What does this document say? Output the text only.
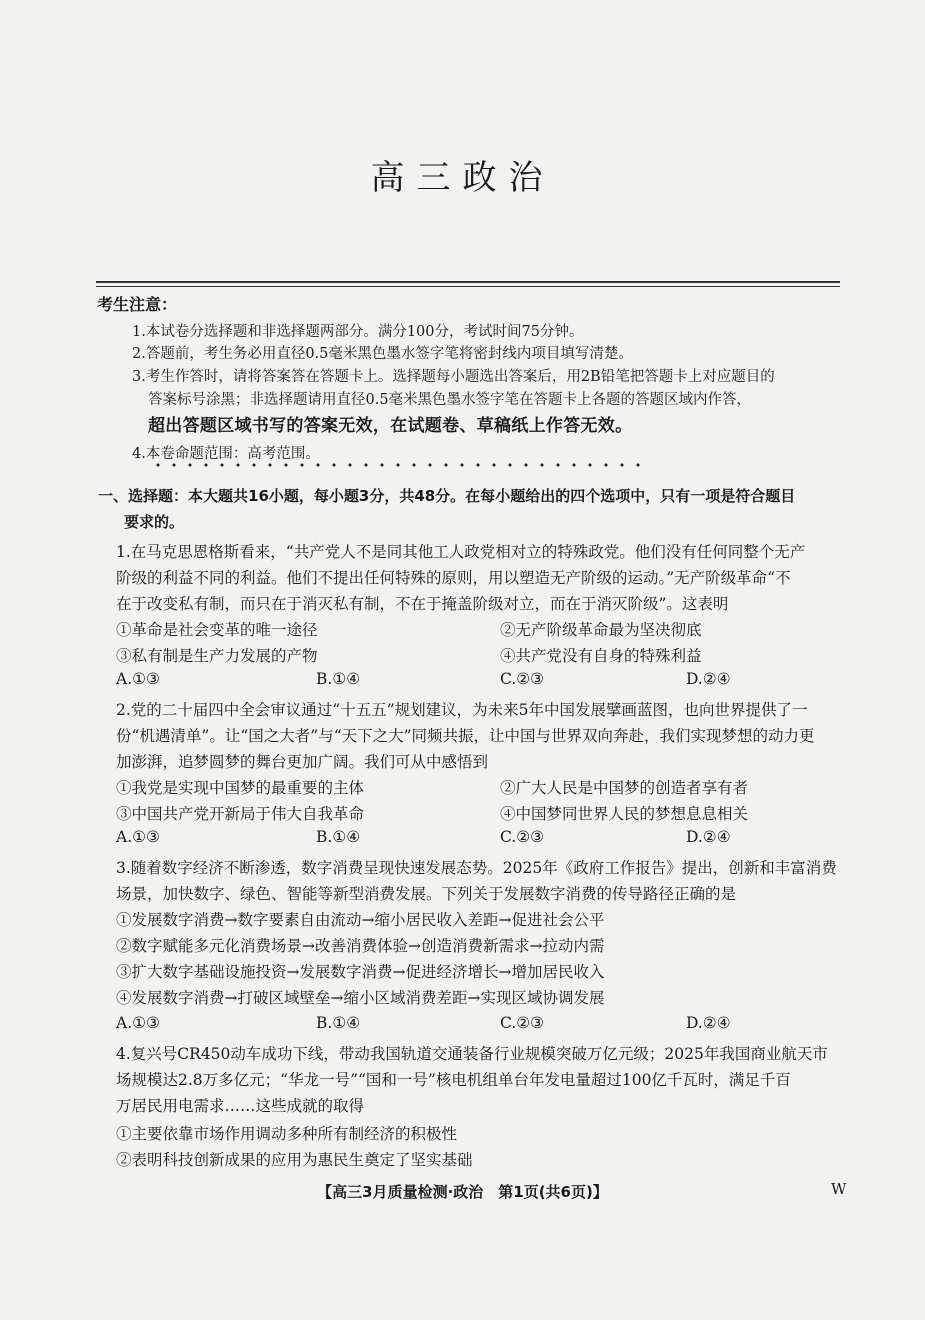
高三政治
考生注意：
1.本试卷分选择题和非选择题两部分。满分100分，考试时间75分钟。
2.答题前，考生务必用直径0.5毫米黑色墨水签字笔将密封线内项目填写清楚。
3.考生作答时，请将答案答在答题卡上。选择题每小题选出答案后，用2B铅笔把答题卡上对应题目的
答案标号涂黑；非选择题请用直径0.5毫米黑色墨水签字笔在答题卡上各题的答题区域内作答，
超出答题区域书写的答案无效，在试题卷、草稿纸上作答无效。
4.本卷命题范围：高考范围。
一、选择题：本大题共16小题，每小题3分，共48分。在每小题给出的四个选项中，只有一项是符合题目
要求的。
1.在马克思恩格斯看来，“共产党人不是同其他工人政党相对立的特殊政党。他们没有任何同整个无产
阶级的利益不同的利益。他们不提出任何特殊的原则，用以塑造无产阶级的运动。”无产阶级革命“不
在于改变私有制，而只在于消灭私有制，不在于掩盖阶级对立，而在于消灭阶级”。这表明
①革命是社会变革的唯一途径	②无产阶级革命最为坚决彻底
③私有制是生产力发展的产物	④共产党没有自身的特殊利益
A.①③	B.①④	C.②③	D.②④
2.党的二十届四中全会审议通过“十五五”规划建议，为未来5年中国发展擘画蓝图，也向世界提供了一
份“机遇清单”。让“国之大者”与“天下之大”同频共振，让中国与世界双向奔赴，我们实现梦想的动力更
加澎湃，追梦圆梦的舞台更加广阔。我们可从中感悟到
①我党是实现中国梦的最重要的主体	②广大人民是中国梦的创造者享有者
③中国共产党开新局于伟大自我革命	④中国梦同世界人民的梦想息息相关
A.①③	B.①④	C.②③	D.②④
3.随着数字经济不断渗透，数字消费呈现快速发展态势。2025年《政府工作报告》提出，创新和丰富消费
场景，加快数字、绿色、智能等新型消费发展。下列关于发展数字消费的传导路径正确的是
①发展数字消费→数字要素自由流动→缩小居民收入差距→促进社会公平
②数字赋能多元化消费场景→改善消费体验→创造消费新需求→拉动内需
③扩大数字基础设施投资→发展数字消费→促进经济增长→增加居民收入
④发展数字消费→打破区域壁垒→缩小区域消费差距→实现区域协调发展
A.①③	B.①④	C.②③	D.②④
4.复兴号CR450动车成功下线，带动我国轨道交通装备行业规模突破万亿元级；2025年我国商业航天市
场规模达2.8万多亿元；“华龙一号”“国和一号”核电机组单台年发电量超过100亿千瓦时，满足千百
万居民用电需求……这些成就的取得
①主要依靠市场作用调动多种所有制经济的积极性
②表明科技创新成果的应用为惠民生奠定了坚实基础
【高三3月质量检测·政治　第1页(共6页)】	W
